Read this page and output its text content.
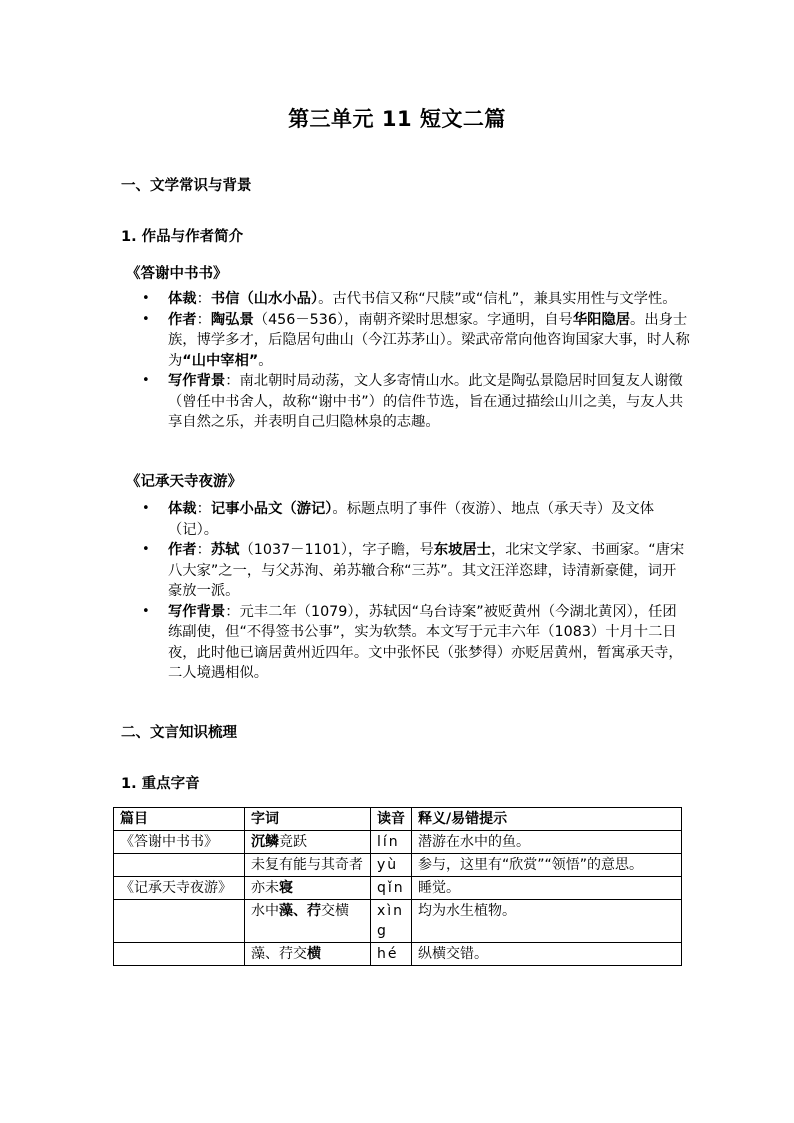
第三单元 11 短文二篇
一、文学常识与背景
1. 作品与作者简介
《答谢中书书》
• 体裁：书信（山水小品）。古代书信又称“尺牍”或“信札”，兼具实用性与文学性。
• 作者：陶弘景（456－536），南朝齐梁时思想家。字通明，自号华阳隐居。出身士族，博学多才，后隐居句曲山（今江苏茅山）。梁武帝常向他咨询国家大事，时人称为“山中宰相”。
• 写作背景：南北朝时局动荡，文人多寄情山水。此文是陶弘景隐居时回复友人谢徵（曾任中书舍人，故称“谢中书”）的信件节选，旨在通过描绘山川之美，与友人共享自然之乐，并表明自己归隐林泉的志趣。
《记承天寺夜游》
• 体裁：记事小品文（游记）。标题点明了事件（夜游）、地点（承天寺）及文体（记）。
• 作者：苏轼（1037－1101），字子瞻，号东坡居士，北宋文学家、书画家。“唐宋八大家”之一，与父苏洵、弟苏辙合称“三苏”。其文汪洋恣肆，诗清新豪健，词开豪放一派。
• 写作背景：元丰二年（1079），苏轼因“乌台诗案”被贬黄州（今湖北黄冈），任团练副使，但“不得签书公事”，实为软禁。本文写于元丰六年（1083）十月十二日夜，此时他已谪居黄州近四年。文中张怀民（张梦得）亦贬居黄州，暂寓承天寺，二人境遇相似。
二、文言知识梳理
1. 重点字音
篇目	字词	读音	释义/易错提示
《答谢中书书》	沉鳞竞跃	lín	潜游在水中的鱼。
	未复有能与其奇者	yù	参与，这里有“欣赏”“领悟”的意思。
《记承天寺夜游》	亦未寝	qǐn	睡觉。
	水中藻、荇交横	xìng	均为水生植物。
	藻、荇交横	hé	纵横交错。
